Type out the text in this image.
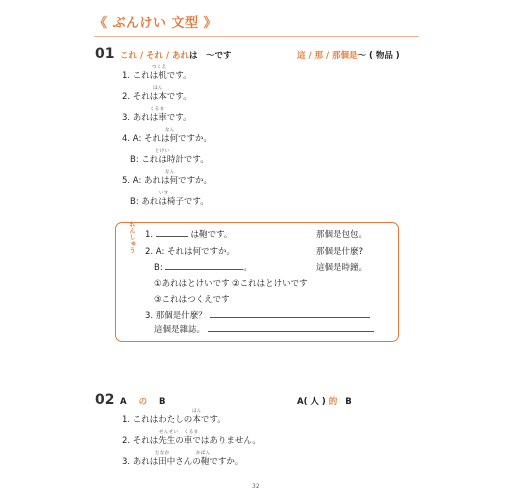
《 ぶんけい 文型 》
01 これ / それ / あれは　～です	這 / 那 / 那個是～ ( 物品 )
つくえ
1. これは机です。
ほん
2. それは本です。
くるま
3. あれは車です。
なん
4. A: それは何ですか。
とけい
B: これは時計です。
なん
5. A: あれは何ですか。
いす
B: あれは椅子です。
れんしゅう 1.	は鞄です。	那個是包包。
2. A: それは何ですか。	那個是什麼?
B:	。	這個是時鐘。
①あれはとけいです ②これはとけいです
③これはつくえです
3. 那個是什麼？
這個是雜誌。
02 A の B	A( 人 ) 的 B
ほん
1. これはわたしの本です。
せんせい くるま
2. それは先生の車ではありません。
たなか	かばん
3. あれは田中さんの鞄ですか。
32
